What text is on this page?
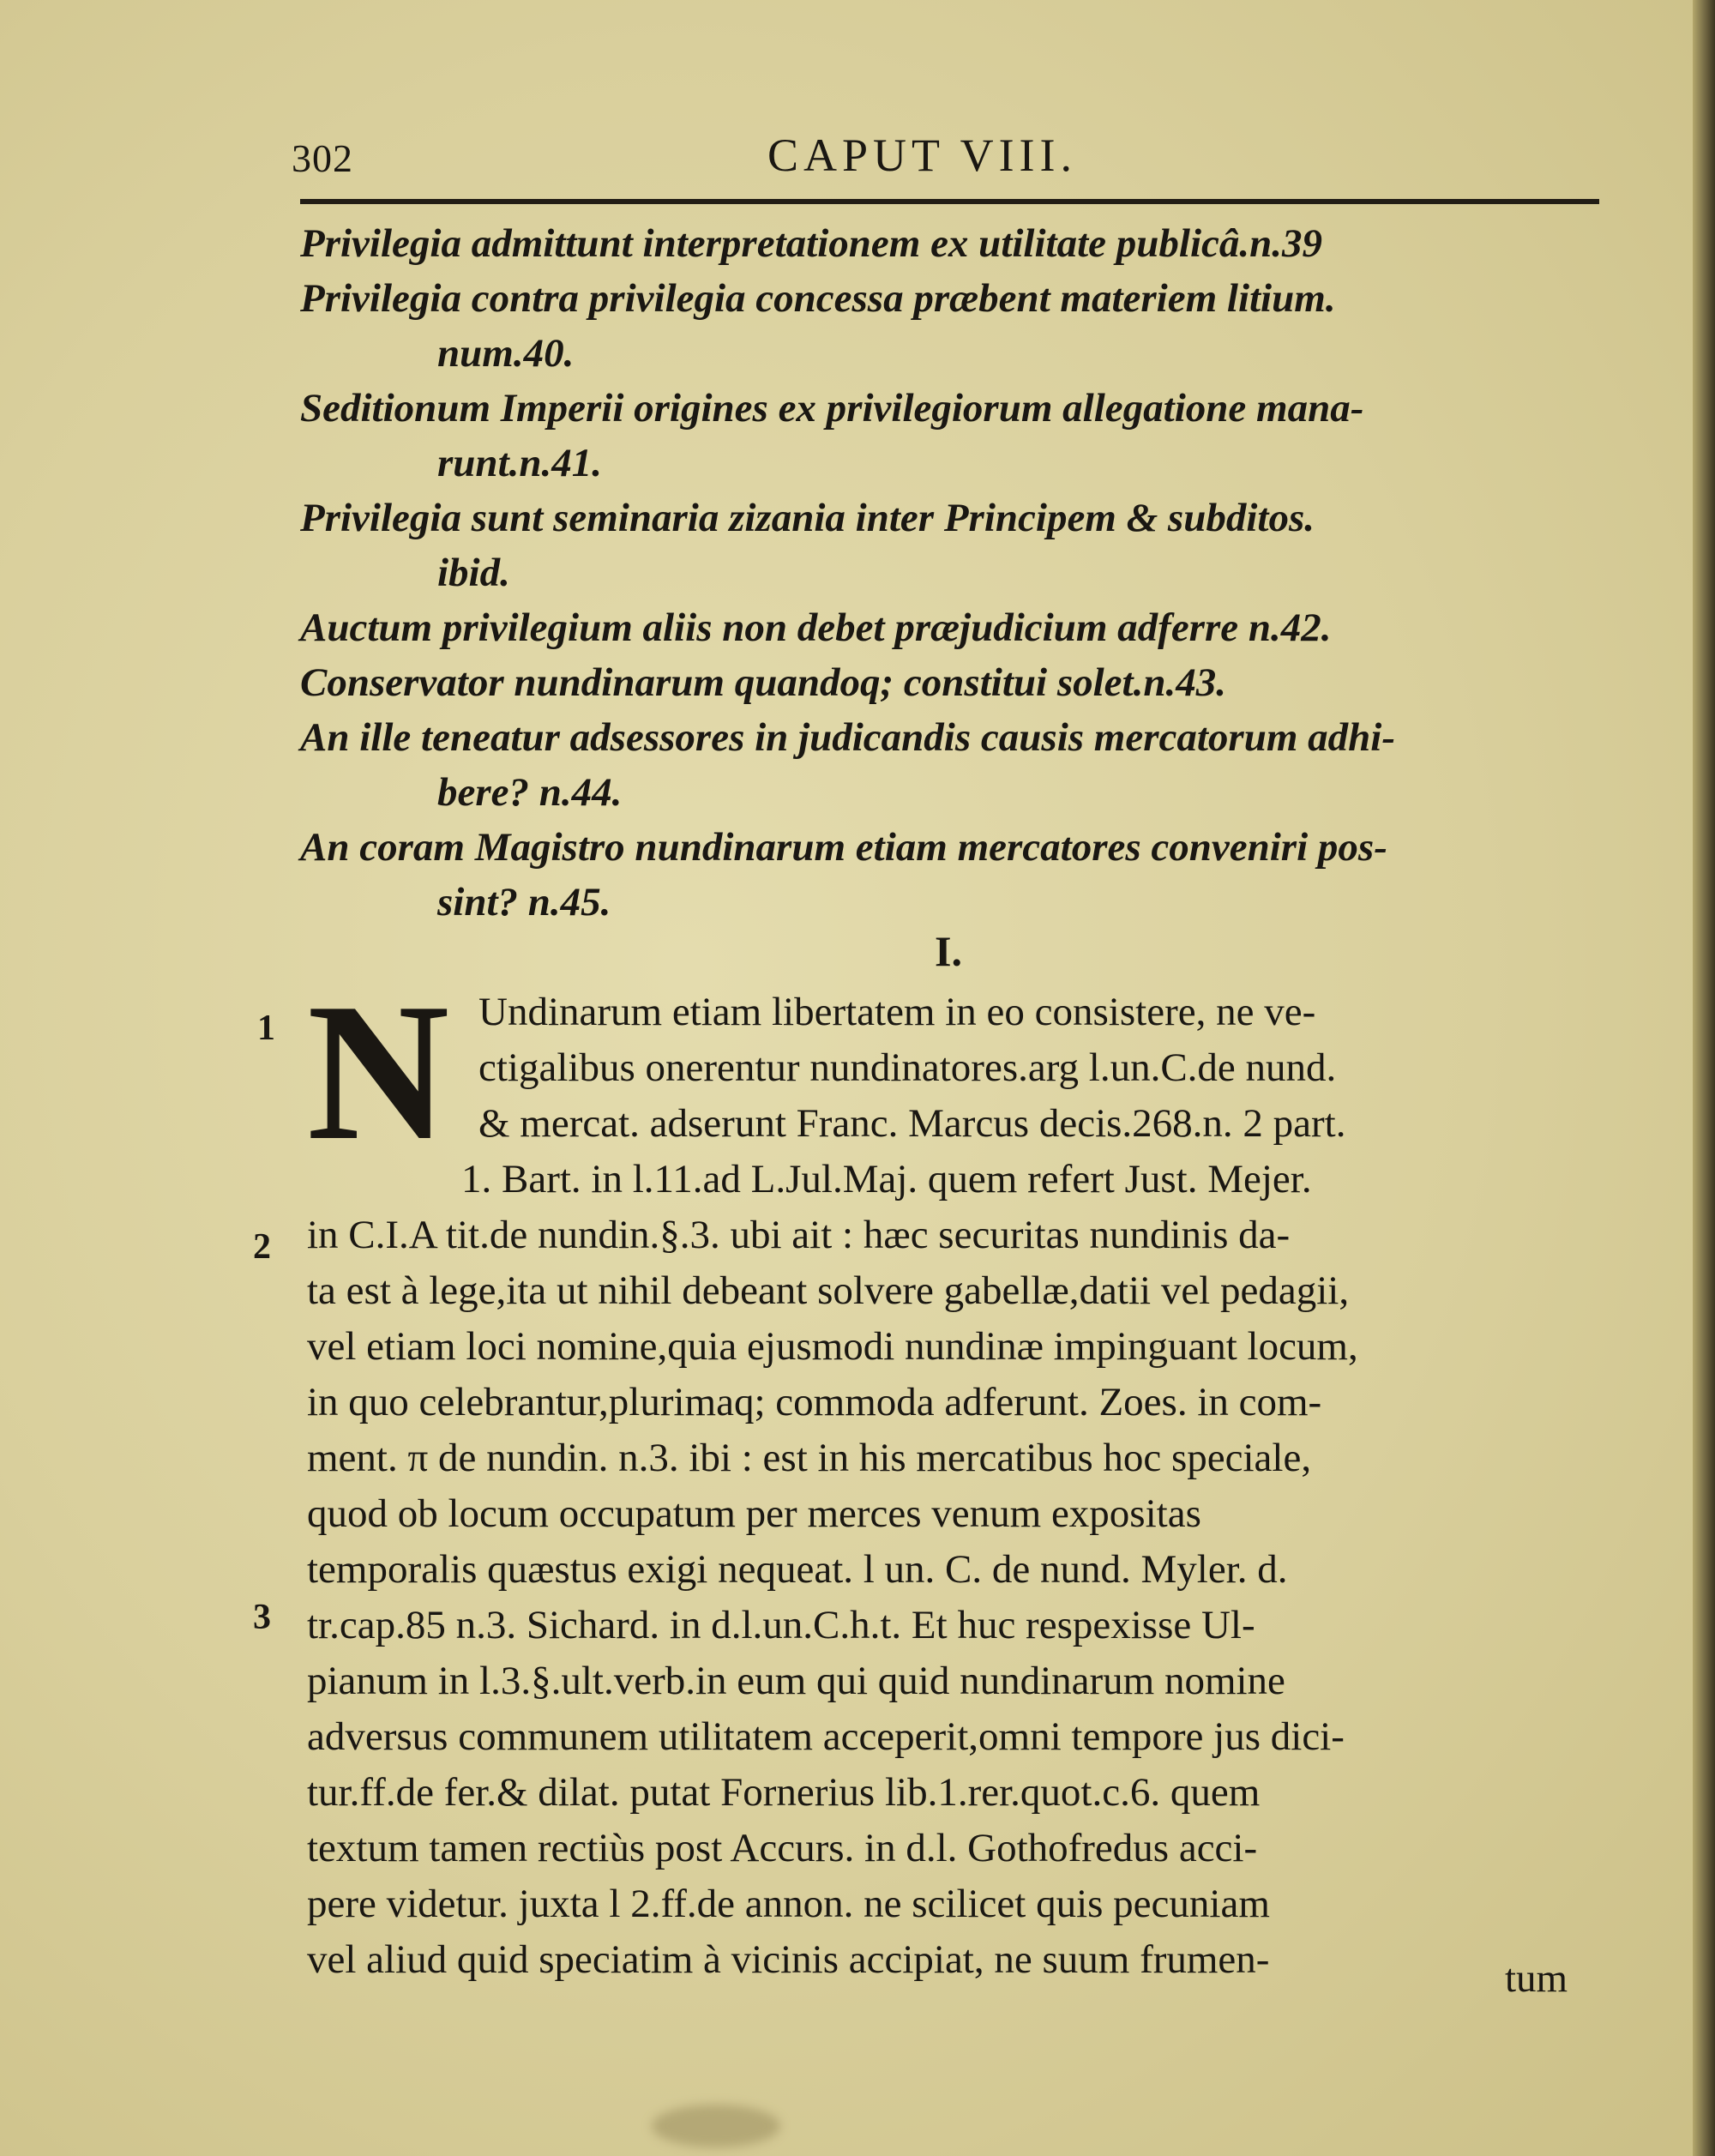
302	CAPUT VIII.

Privilegia admittunt interpretationem ex utilitate publicâ.n.39

Privilegia contra privilegia concessa præbent materiem litium.
num.40.

Seditionum Imperii origines ex privilegiorum allegatione mana-
runt.n.41.

Privilegia sunt seminaria zizania inter Principem & subditos.
ibid.

Auctum privilegium aliis non debet præjudicium adferre n.42.

Conservator nundinarum quandoq; constitui solet.n.43.

An ille teneatur adsessores in judicandis causis mercatorum adhi-
bere? n.44.

An coram Magistro nundinarum etiam mercatores conveniri pos-
sint? n.45.

I.
1
2
3
N Undinarum etiam libertatem in eo consistere, ne ve-
ctigalibus onerentur nundinatores.arg l.un.C.de nund.
& mercat. adserunt Franc. Marcus decis.268.n. 2 part.
1. Bart. in l.11.ad L.Jul.Maj. quem refert Just. Mejer.
in C.I.A tit.de nundin.§.3. ubi ait : hæc securitas nundinis da-
ta est à lege,ita ut nihil debeant solvere gabellæ,datii vel pedagii,
vel etiam loci nomine,quia ejusmodi nundinæ impinguant locum,
in quo celebrantur,plurimaq; commoda adferunt. Zoes. in com-
ment. π de nundin. n.3. ibi : est in his mercatibus hoc speciale,
quod ob locum occupatum per merces venum expositas
temporalis quæstus exigi nequeat. l un. C. de nund. Myler. d.
tr.cap.85 n.3. Sichard. in d.l.un.C.h.t. Et huc respexisse Ul-
pianum in l.3.§.ult.verb.in eum qui quid nundinarum nomine
adversus communem utilitatem acceperit,omni tempore jus dici-
tur.ff.de fer.& dilat. putat Fornerius lib.1.rer.quot.c.6. quem
textum tamen rectiùs post Accurs. in d.l. Gothofredus acci-
pere videtur. juxta l 2.ff.de annon. ne scilicet quis pecuniam
vel aliud quid speciatim à vicinis accipiat, ne suum frumen-	tum
